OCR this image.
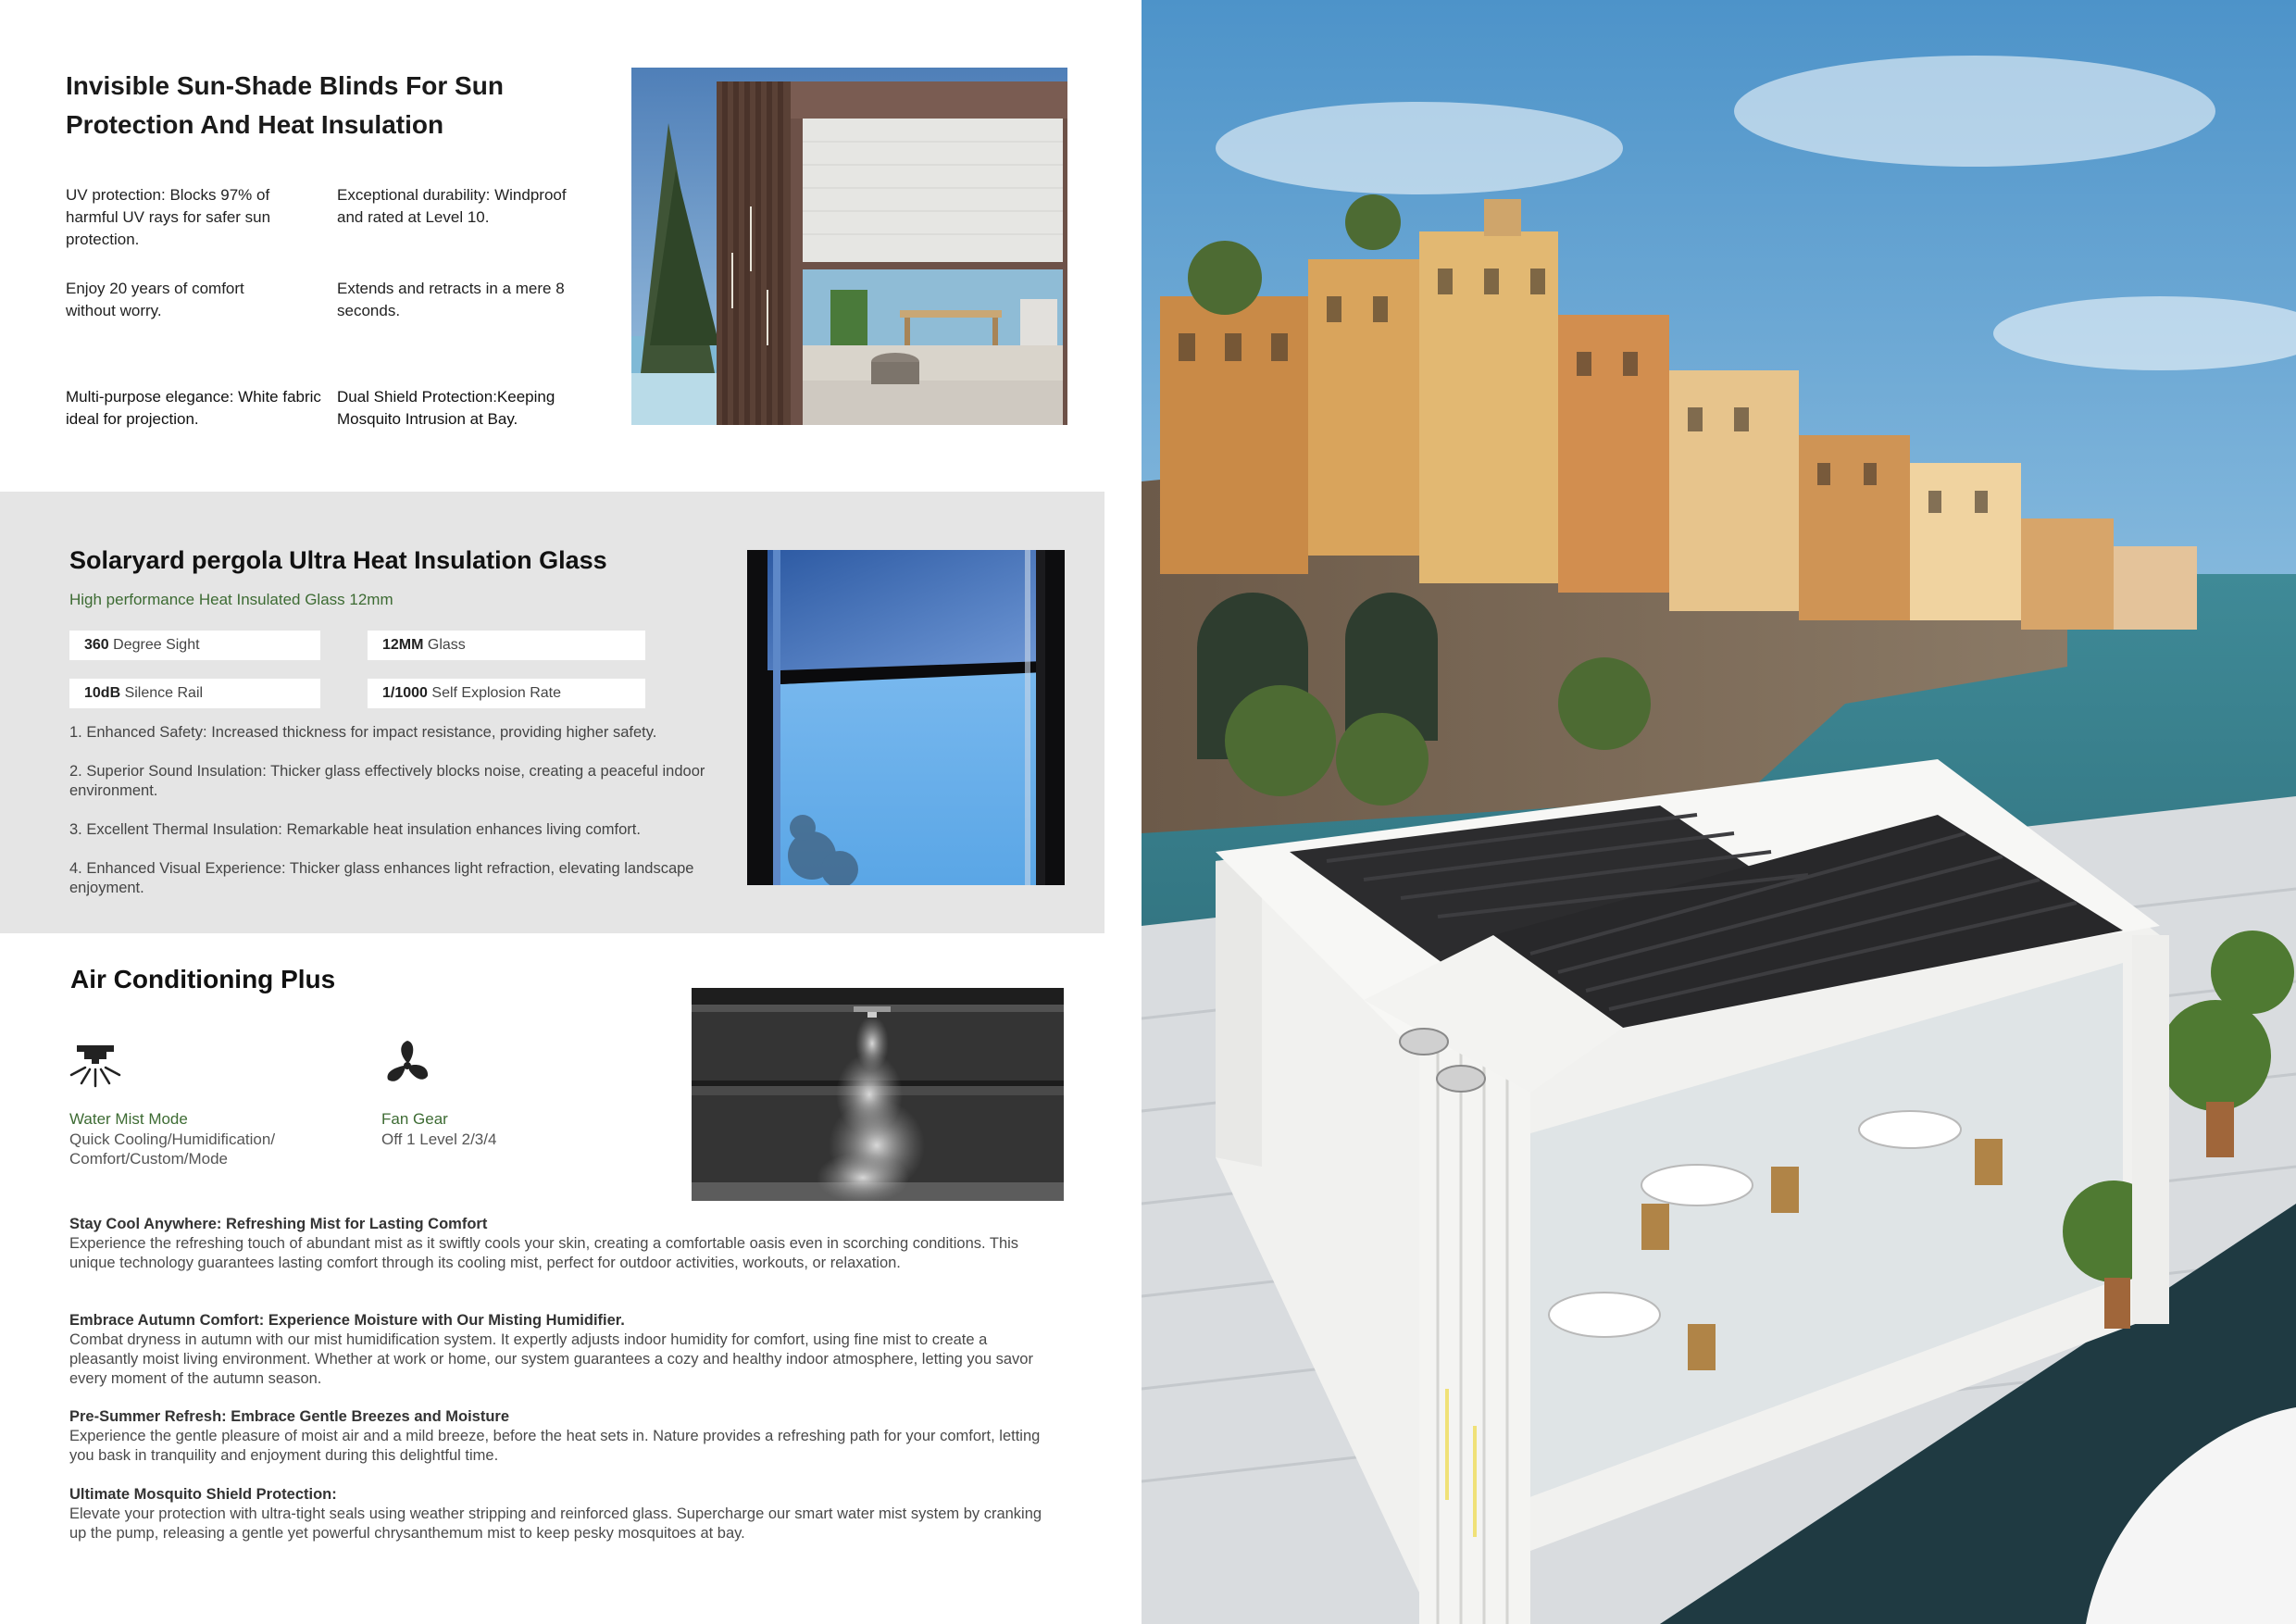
Invisible Sun-Shade Blinds For Sun Protection And Heat Insulation

UV protection: Blocks 97% of harmful UV rays for safer sun protection.

Exceptional durability: Windproof and rated at Level 10.

Enjoy 20 years of comfort without worry.

Extends and retracts in a mere 8 seconds.

Multi-purpose elegance: White fabric ideal for projection.

Dual Shield Protection:Keeping Mosquito Intrusion at Bay.

Solaryard pergola Ultra Heat Insulation Glass

High performance Heat Insulated Glass 12mm

360 Degree Sight	12MM Glass
10dB Silence Rail	1/1000 Self Explosion Rate

1. Enhanced Safety: Increased thickness for impact resistance, providing higher safety.

2. Superior Sound Insulation: Thicker glass effectively blocks noise, creating a peaceful indoor environment.

3. Excellent Thermal Insulation: Remarkable heat insulation enhances living comfort.

4. Enhanced Visual Experience: Thicker glass enhances light refraction, elevating landscape enjoyment.

Air Conditioning Plus

Water Mist Mode

Quick Cooling/Humidification/ Comfort/Custom/Mode

Fan Gear

Off 1 Level 2/3/4

Stay Cool Anywhere: Refreshing Mist for Lasting Comfort
Experience the refreshing touch of abundant mist as it swiftly cools your skin, creating a comfortable oasis even in scorching conditions. This unique technology guarantees lasting comfort through its cooling mist, perfect for outdoor activities, workouts, or relaxation.

Embrace Autumn Comfort: Experience Moisture with Our Misting Humidifier.
Combat dryness in autumn with our mist humidification system. It expertly adjusts indoor humidity for comfort, using fine mist to create a pleasantly moist living environment. Whether at work or home, our system guarantees a cozy and healthy indoor atmosphere, letting you savor every moment of the autumn season.

Pre-Summer Refresh: Embrace Gentle Breezes and Moisture
Experience the gentle pleasure of moist air and a mild breeze, before the heat sets in. Nature provides a refreshing path for your comfort, letting you bask in tranquility and enjoyment during this delightful time.

Ultimate Mosquito Shield Protection:
Elevate your protection with ultra-tight seals using weather stripping and reinforced glass. Supercharge our smart water mist system by cranking up the pump, releasing a gentle yet powerful chrysanthemum mist to keep pesky mosquitoes at bay.
